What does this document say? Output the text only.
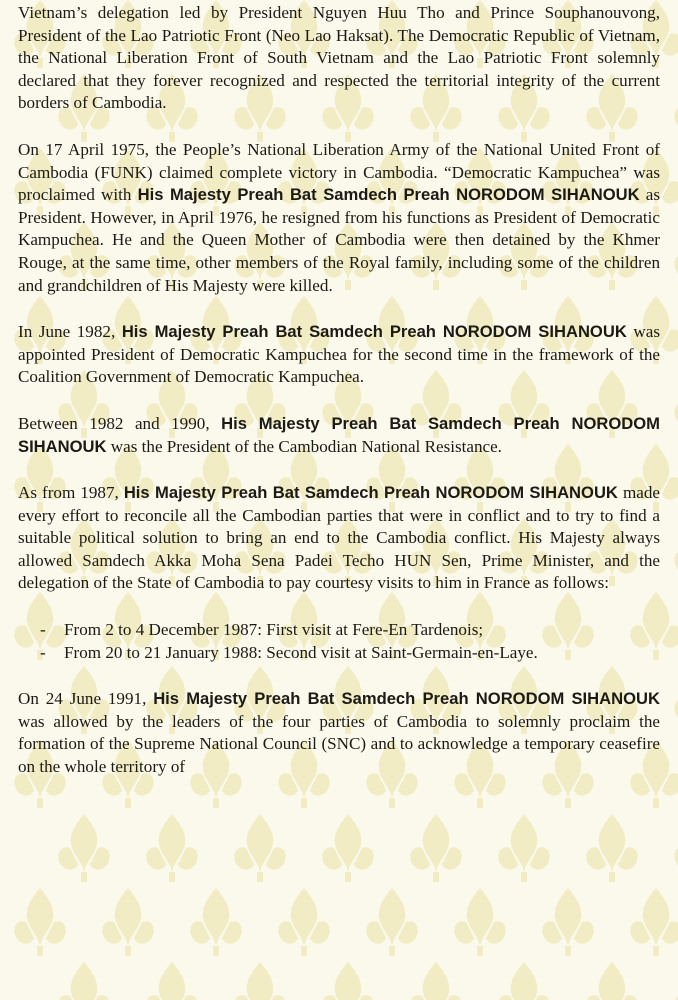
Vietnam’s delegation led by President Nguyen Huu Tho and Prince Souphanouvong, President of the Lao Patriotic Front (Neo Lao Haksat). The Democratic Republic of Vietnam, the National Liberation Front of South Vietnam and the Lao Patriotic Front solemnly declared that they forever recognized and respected the territorial integrity of the current borders of Cambodia.

On 17 April 1975, the People’s National Liberation Army of the National United Front of Cambodia (FUNK) claimed complete victory in Cambodia. “Democratic Kampuchea” was proclaimed with His Majesty Preah Bat Samdech Preah NORODOM SIHANOUK as President. However, in April 1976, he resigned from his functions as President of Democratic Kampuchea. He and the Queen Mother of Cambodia were then detained by the Khmer Rouge, at the same time, other members of the Royal family, including some of the children and grandchildren of His Majesty were killed.

In June 1982, His Majesty Preah Bat Samdech Preah NORODOM SIHANOUK was appointed President of Democratic Kampuchea for the second time in the framework of the Coalition Government of Democratic Kampuchea.

Between 1982 and 1990, His Majesty Preah Bat Samdech Preah NORODOM SIHANOUK was the President of the Cambodian National Resistance.

As from 1987, His Majesty Preah Bat Samdech Preah NORODOM SIHANOUK made every effort to reconcile all the Cambodian parties that were in conflict and to try to find a suitable political solution to bring an end to the Cambodia conflict. His Majesty always allowed Samdech Akka Moha Sena Padei Techo HUN Sen, Prime Minister, and the delegation of the State of Cambodia to pay courtesy visits to him in France as follows:

- From 2 to 4 December 1987: First visit at Fere-En Tardenois;
- From 20 to 21 January 1988: Second visit at Saint-Germain-en-Laye.

On 24 June 1991, His Majesty Preah Bat Samdech Preah NORODOM SIHANOUK was allowed by the leaders of the four parties of Cambodia to solemnly proclaim the formation of the Supreme National Council (SNC) and to acknowledge a temporary ceasefire on the whole territory of
